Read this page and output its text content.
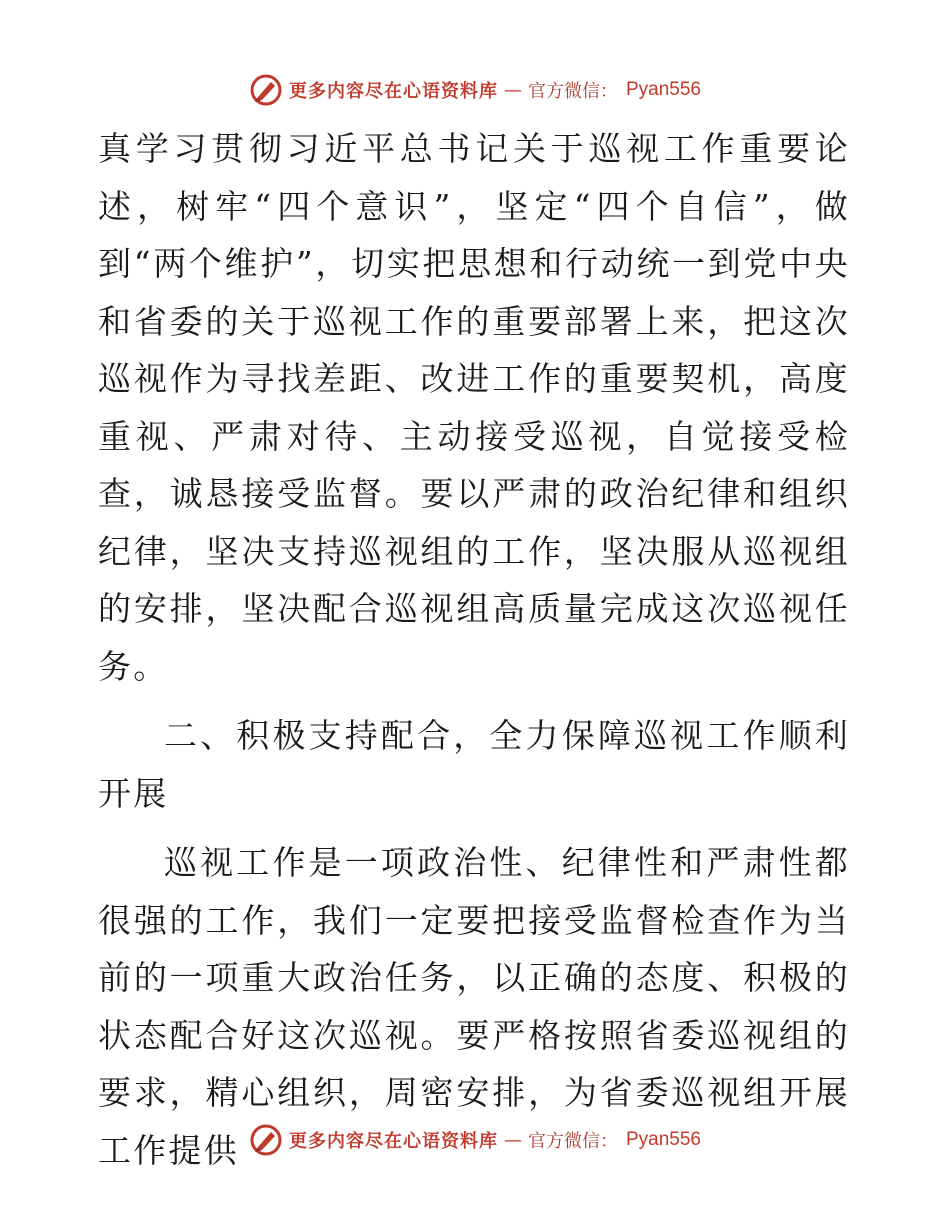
更多内容尽在心语资料库 — 官方微信： Pyan556

真学习贯彻习近平总书记关于巡视工作重要论述，树牢“四个意识”，坚定“四个自信”，做到“两个维护”，切实把思想和行动统一到党中央和省委的关于巡视工作的重要部署上来，把这次巡视作为寻找差距、改进工作的重要契机，高度重视、严肃对待、主动接受巡视，自觉接受检查，诚恳接受监督。要以严肃的政治纪律和组织纪律，坚决支持巡视组的工作，坚决服从巡视组的安排，坚决配合巡视组高质量完成这次巡视任务。

二、积极支持配合，全力保障巡视工作顺利开展

巡视工作是一项政治性、纪律性和严肃性都很强的工作，我们一定要把接受监督检查作为当前的一项重大政治任务，以正确的态度、积极的状态配合好这次巡视。要严格按照省委巡视组的要求，精心组织，周密安排，为省委巡视组开展工作提供	更多内容尽在心语资料库 — 官方微信： Pyan556
